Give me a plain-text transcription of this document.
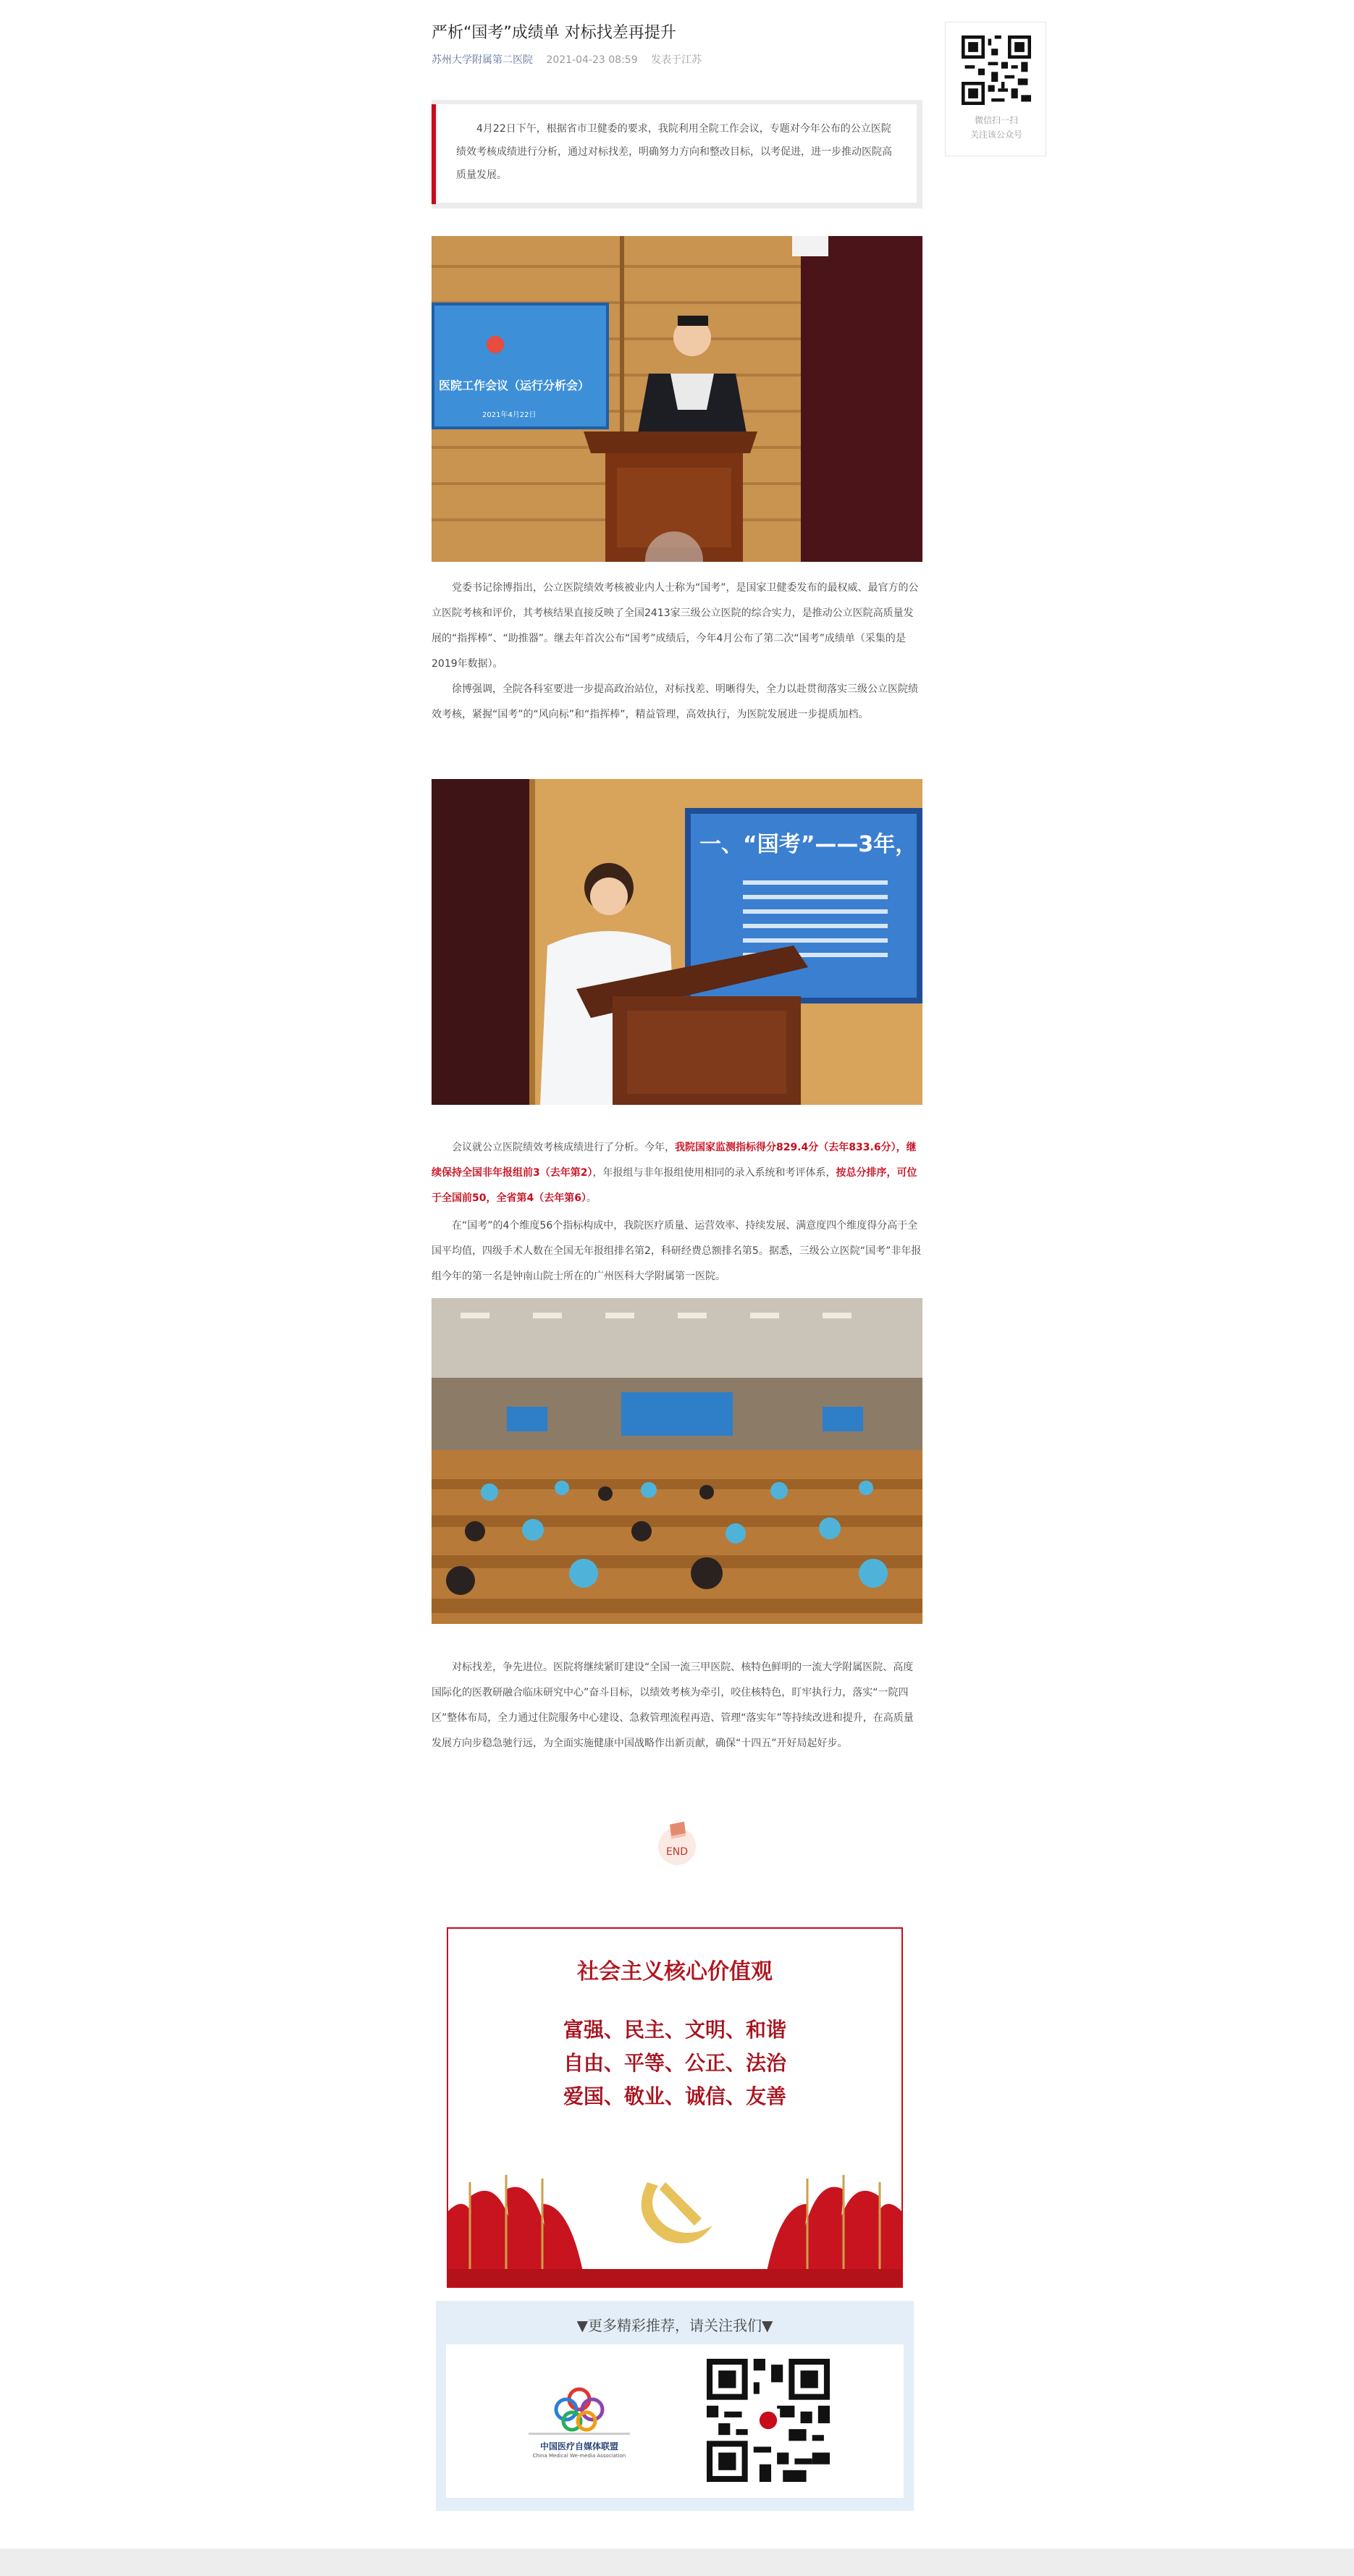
严析“国考”成绩单 对标找差再提升
苏州大学附属第二医院 2021-04-23 08:59 发表于江苏
微信扫一扫
关注该公众号
4月22日下午，根据省市卫健委的要求，我院利用全院工作会议，专题对今年公布的公立医院绩效考核成绩进行分析，通过对标找差，明确努力方向和整改目标，以考促进，进一步推动医院高质量发展。
医院工作会议（运行分析会）
2021年4月22日

党委书记徐博指出，公立医院绩效考核被业内人士称为“国考”，是国家卫健委发布的最权威、最官方的公立医院考核和评价，其考核结果直接反映了全国2413家三级公立医院的综合实力，是推动公立医院高质量发展的“指挥棒”、“助推器”。继去年首次公布“国考”成绩后，今年4月公布了第二次“国考”成绩单（采集的是2019年数据）。

徐博强调，全院各科室要进一步提高政治站位，对标找差、明晰得失，全力以赴贯彻落实三级公立医院绩效考核，紧握“国考”的“风向标”和“指挥棒”，精益管理，高效执行，为医院发展进一步提质加档。

一、“国考”——3年，

会议就公立医院绩效考核成绩进行了分析。今年，我院国家监测指标得分829.4分（去年833.6分），继续保持全国非年报组前3（去年第2），年报组与非年报组使用相同的录入系统和考评体系，按总分排序，可位于全国前50，全省第4（去年第6）。

在“国考”的4个维度56个指标构成中，我院医疗质量、运营效率、持续发展、满意度四个维度得分高于全国平均值，四级手术人数在全国无年报组排名第2，科研经费总额排名第5。据悉，三级公立医院“国考”非年报组今年的第一名是钟南山院士所在的广州医科大学附属第一医院。

对标找差，争先进位。医院将继续紧盯建设“全国一流三甲医院、核特色鲜明的一流大学附属医院、高度国际化的医教研融合临床研究中心”奋斗目标，以绩效考核为牵引，咬住核特色，盯牢执行力，落实“一院四区”整体布局，全力通过住院服务中心建设、急救管理流程再造、管理“落实年”等持续改进和提升，在高质量发展方向步稳急驰行远，为全面实施健康中国战略作出新贡献，确保“十四五”开好局起好步。

END
社会主义核心价值观
富强、民主、文明、和谐
自由、平等、公正、法治
爱国、敬业、诚信、友善
▼更多精彩推荐，请关注我们▼
中国医疗自媒体联盟
China Medical We-media Association
